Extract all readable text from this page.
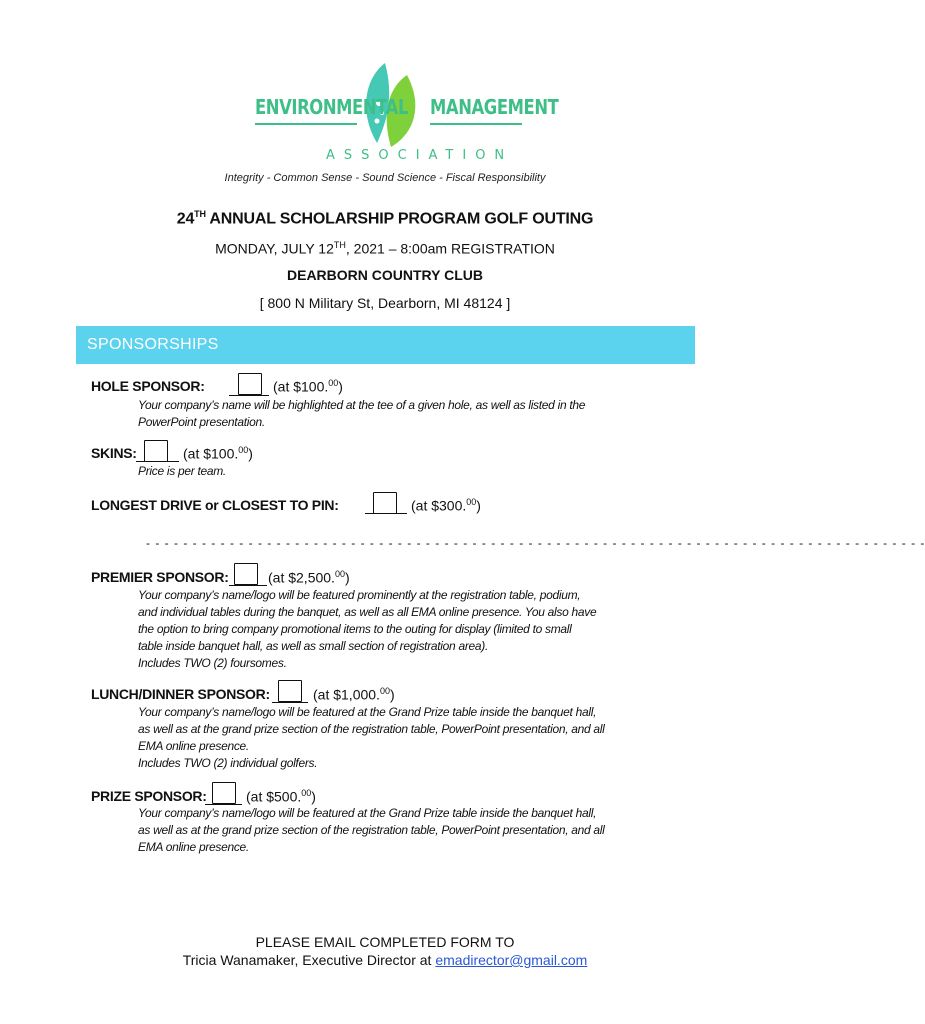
ENVIRONMENTAL MANAGEMENT
ASSOCIATION
Integrity - Common Sense - Sound Science - Fiscal Responsibility
24TH ANNUAL SCHOLARSHIP PROGRAM GOLF OUTING
MONDAY, JULY 12TH, 2021 – 8:00am REGISTRATION
DEARBORN COUNTRY CLUB
[ 800 N Military St, Dearborn, MI 48124 ]
SPONSORSHIPS
HOLE SPONSOR:	(at $100.00)
Your company’s name will be highlighted at the tee of a given hole, as well as listed in the
PowerPoint presentation.
SKINS:	(at $100.00)
Price is per team.
LONGEST DRIVE or CLOSEST TO PIN:	(at $300.00)
- - - - - - - - - - - - - - - - - - - - - - - - - - - - - - - - - - - - - - - - - - - - - - - - - - - - - - - - - - - - - - - - - - - - - - - - - - - - - - - - - - - -
PREMIER SPONSOR:	(at $2,500.00)
Your company’s name/logo will be featured prominently at the registration table, podium,
and individual tables during the banquet, as well as all EMA online presence. You also have
the option to bring company promotional items to the outing for display (limited to small
table inside banquet hall, as well as small section of registration area).
Includes TWO (2) foursomes.
LUNCH/DINNER SPONSOR:	(at $1,000.00)
Your company’s name/logo will be featured at the Grand Prize table inside the banquet hall,
as well as at the grand prize section of the registration table, PowerPoint presentation, and all
EMA online presence.
Includes TWO (2) individual golfers.
PRIZE SPONSOR:	(at $500.00)
Your company’s name/logo will be featured at the Grand Prize table inside the banquet hall,
as well as at the grand prize section of the registration table, PowerPoint presentation, and all
EMA online presence.
PLEASE EMAIL COMPLETED FORM TO
Tricia Wanamaker, Executive Director at emadirector@gmail.com
